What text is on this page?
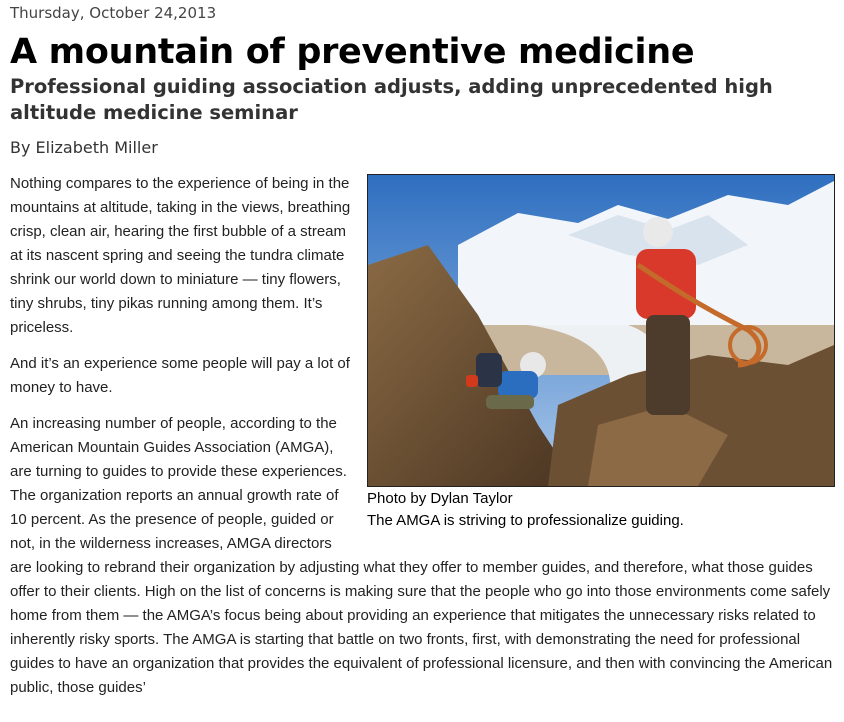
Thursday, October 24,2013
A mountain of preventive medicine
Professional guiding association adjusts, adding unprecedented high altitude medicine seminar
By Elizabeth Miller
Photo by Dylan Taylor
The AMGA is striving to professionalize guiding.

Nothing compares to the experience of being in the mountains at altitude, taking in the views, breathing crisp, clean air, hearing the first bubble of a stream at its nascent spring and seeing the tundra climate shrink our world down to miniature — tiny flowers, tiny shrubs, tiny pikas running among them. It’s priceless.

And it’s an experience some people will pay a lot of money to have.

An increasing number of people, according to the American Mountain Guides Association (AMGA), are turning to guides to provide these experiences. The organization reports an annual growth rate of 10 percent. As the presence of people, guided or not, in the wilderness increases, AMGA directors are looking to rebrand their organization by adjusting what they offer to member guides, and therefore, what those guides offer to their clients. High on the list of concerns is making sure that the people who go into those environments come safely home from them — the AMGA’s focus being about providing an experience that mitigates the unnecessary risks related to inherently risky sports. The AMGA is starting that battle on two fronts, first, with demonstrating the need for professional guides to have an organization that provides the equivalent of professional licensure, and then with convincing the American public, those guides’
